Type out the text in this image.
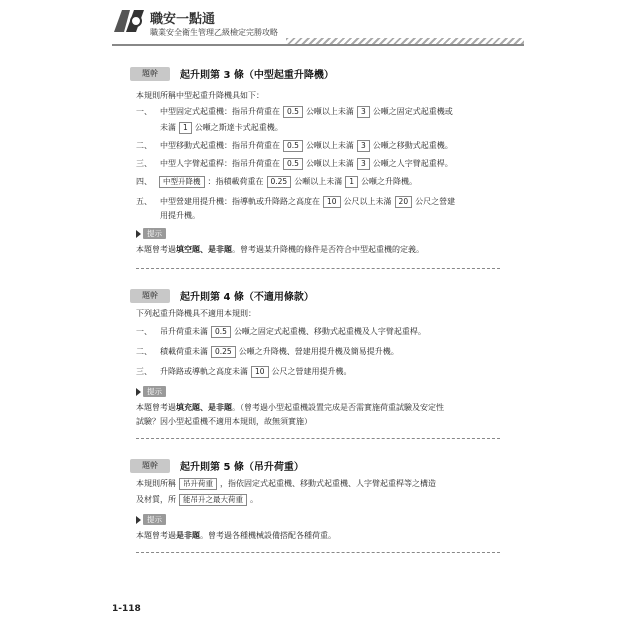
職安一點通
職業安全衛生管理乙級檢定完勝攻略
題幹	起升則第 3 條（中型起重升降機）
本規則所稱中型起重升降機具如下：
一、 中型固定式起重機：指吊升荷重在 0.5 公噸以上未滿 3 公噸之固定式起重機或
未滿 1 公噸之斯達卡式起重機。
二、 中型移動式起重機：指吊升荷重在 0.5 公噸以上未滿 3 公噸之移動式起重機。
三、 中型人字臂起重桿：指吊升荷重在 0.5 公噸以上未滿 3 公噸之人字臂起重桿。
四、	中型升降機 ：指積載荷重在 0.25 公噸以上未滿 1 公噸之升降機。
五、 中型營建用提升機：指導軌或升降路之高度在 10 公尺以上未滿 20 公尺之營建
用提升機。
提示
本題曾考過填空題、是非題。曾考過某升降機的條件是否符合中型起重機的定義。
題幹	起升則第 4 條（不適用條款）
下列起重升降機具不適用本規則：
一、 吊升荷重未滿 0.5 公噸之固定式起重機、移動式起重機及人字臂起重桿。
二、 積載荷重未滿 0.25 公噸之升降機、營建用提升機及簡易提升機。
三、 升降路或導軌之高度未滿 10 公尺之營建用提升機。
提示
本題曾考過填充題、是非題。（曾考過小型起重機設置完成是否需實施荷重試驗及安定性
試驗？因小型起重機不適用本規則，故無須實施）
題幹	起升則第 5 條（吊升荷重）
本規則所稱 吊升荷重 ，指依固定式起重機、移動式起重機、人字臂起重桿等之構造
及材質，所 能吊升之最大荷重 。
提示
本題曾考過是非題。曾考過各種機械設備搭配各種荷重。
1-118
